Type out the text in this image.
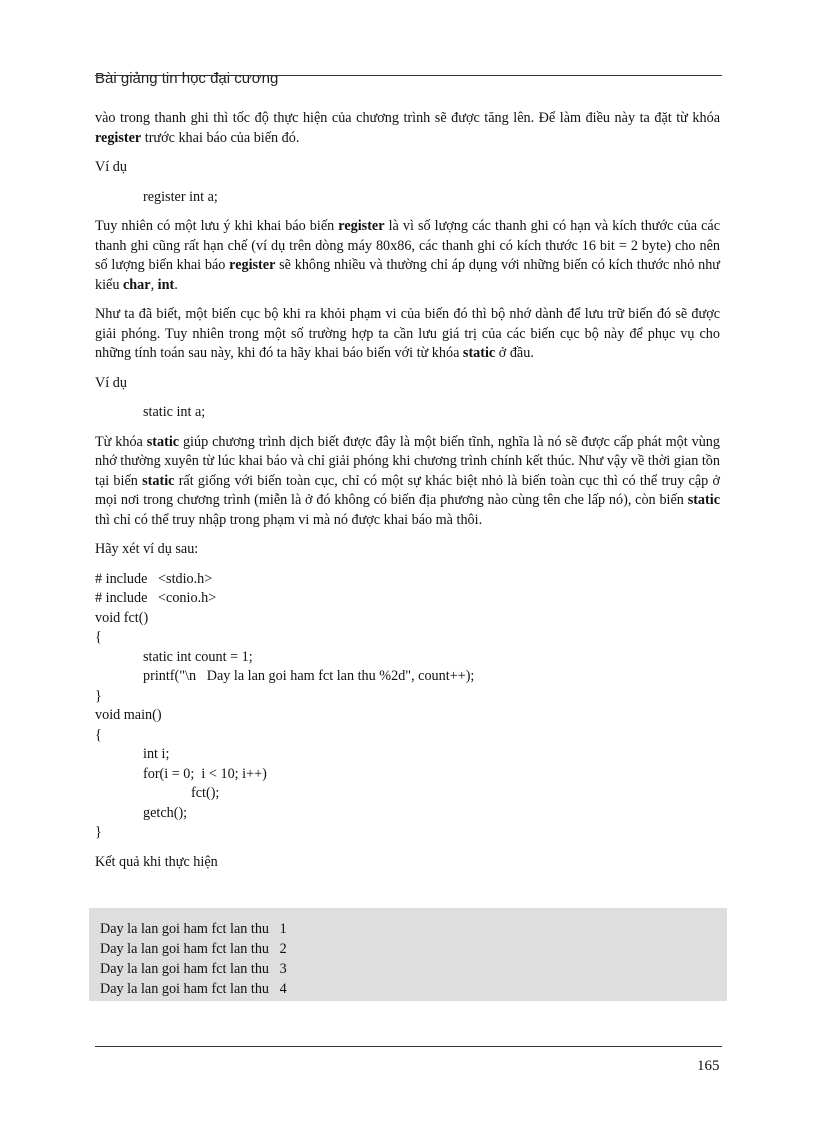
Bài giảng tin học đại cương

vào trong thanh ghi thì tốc độ thực hiện của chương trình sẽ được tăng lên. Để làm điều này ta đặt từ khóa register trước khai báo của biến đó.

Ví dụ

register int a;

Tuy nhiên có một lưu ý khi khai báo biến register là vì số lượng các thanh ghi có hạn và kích thước của các thanh ghi cũng rất hạn chế (ví dụ trên dòng máy 80x86, các thanh ghi có kích thước 16 bit = 2 byte) cho nên số lượng biến khai báo register sẽ không nhiều và thường chỉ áp dụng với những biến có kích thước nhỏ như kiểu char, int.

Như ta đã biết, một biến cục bộ khi ra khỏi phạm vi của biến đó thì bộ nhớ dành để lưu trữ biến đó sẽ được giải phóng. Tuy nhiên trong một số trường hợp ta cần lưu giá trị của các biến cục bộ này để phục vụ cho những tính toán sau này, khi đó ta hãy khai báo biến với từ khóa static ở đầu.

Ví dụ

static int a;

Từ khóa static giúp chương trình dịch biết được đây là một biến tĩnh, nghĩa là nó sẽ được cấp phát một vùng nhớ thường xuyên từ lúc khai báo và chỉ giải phóng khi chương trình chính kết thúc. Như vậy về thời gian tồn tại biến static rất giống với biến toàn cục, chỉ có một sự khác biệt nhỏ là biến toàn cục thì có thể truy cập ở mọi nơi trong chương trình (miễn là ở đó không có biến địa phương nào cùng tên che lấp nó), còn biến static thì chỉ có thể truy nhập trong phạm vi mà nó được khai báo mà thôi.

Hãy xét ví dụ sau:

# include   <stdio.h>
# include   <conio.h>
void fct()
{
static int count = 1;
printf("\n   Day la lan goi ham fct lan thu %2d", count++);
}
void main()
{
int i;
for(i = 0;  i < 10; i++)
fct();
getch();
}

Kết quả khi thực hiện

Day la lan goi ham fct lan thu   1
Day la lan goi ham fct lan thu   2
Day la lan goi ham fct lan thu   3
Day la lan goi ham fct lan thu   4
165
